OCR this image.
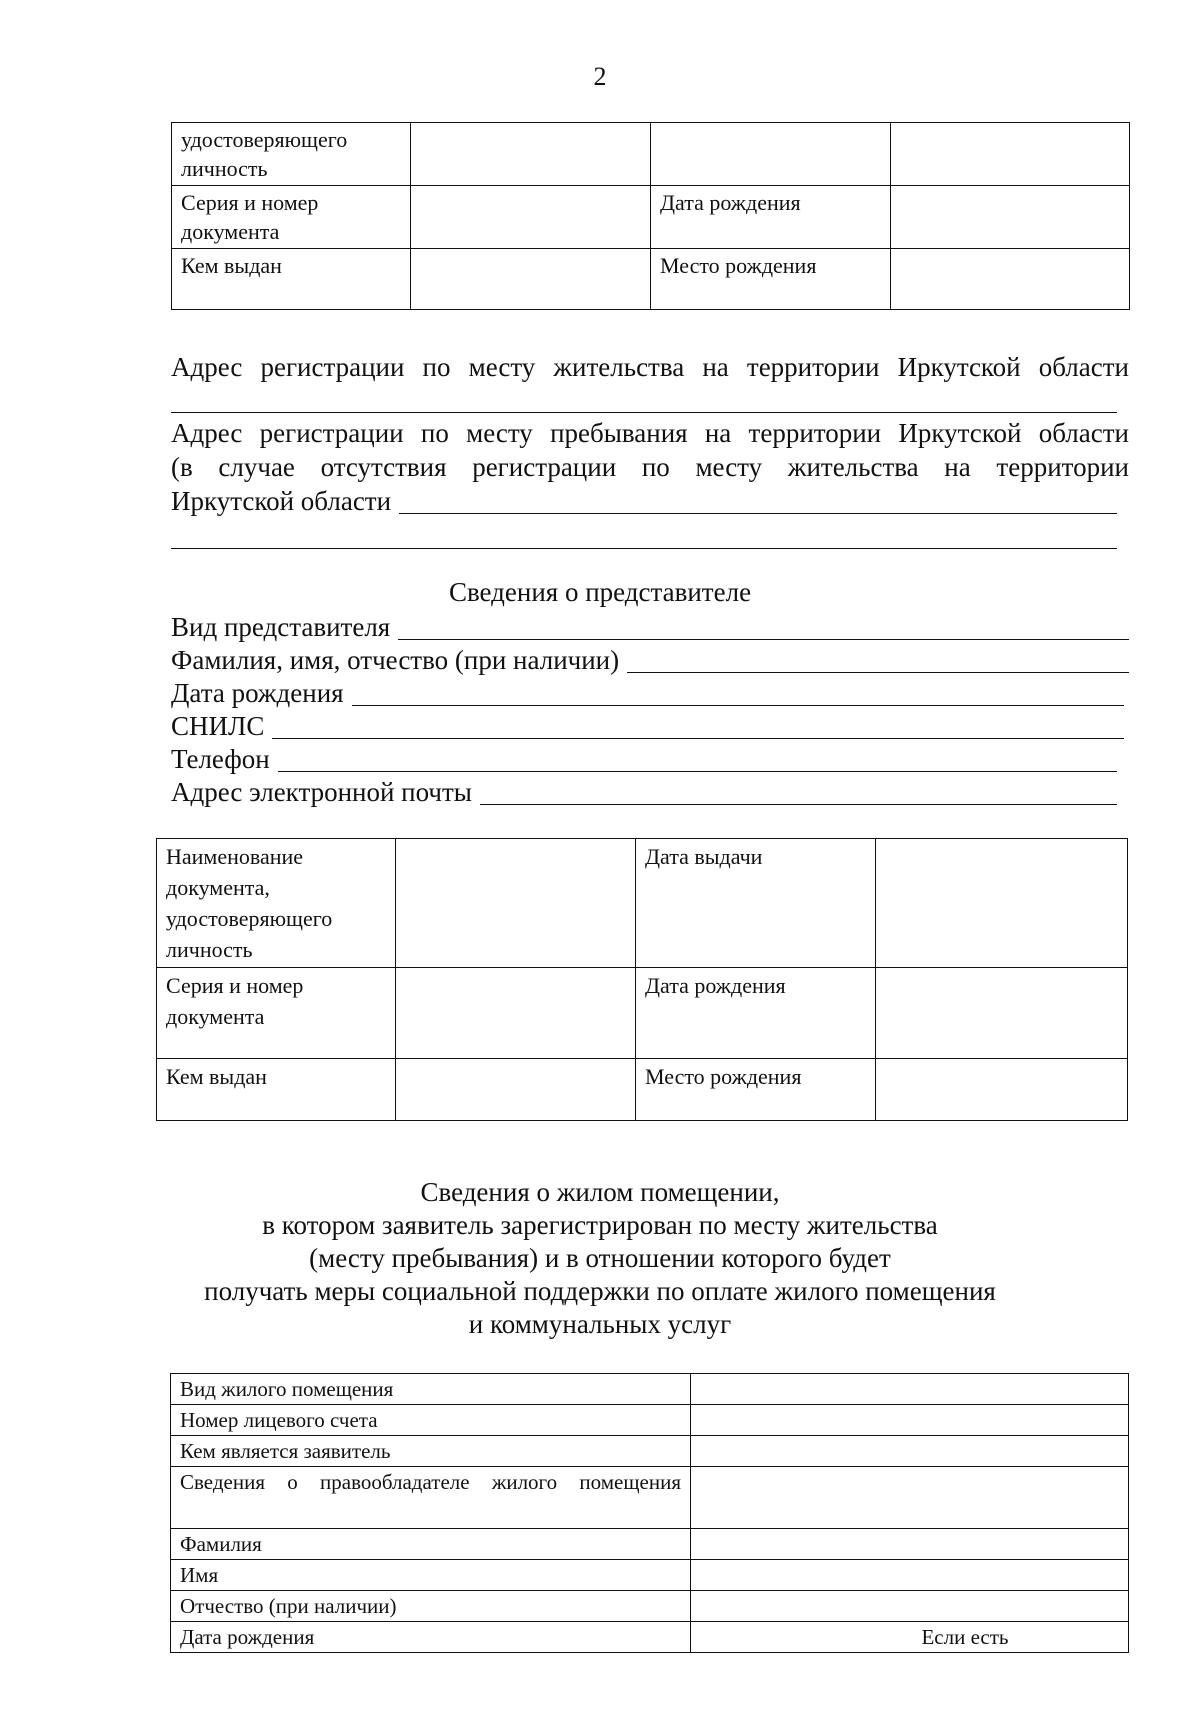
2
удостоверяющего личность			
Серия и номер документа		Дата рождения	
Кем выдан		Место рождения	
Адрес регистрации по месту жительства на территории Иркутской области
Адрес регистрации по месту пребывания на территории Иркутской области
(в случае отсутствия регистрации по месту жительства на территории
Иркутской области
Сведения о представителе
Вид представителя
Фамилия, имя, отчество (при наличии)
Дата рождения
СНИЛС
Телефон
Адрес электронной почты
Наименование документа, удостоверяющего личность		Дата выдачи	
Серия и номер документа		Дата рождения	
Кем выдан		Место рождения	
Сведения о жилом помещении,
в котором заявитель зарегистрирован по месту жительства
(месту пребывания) и в отношении которого будет
получать меры социальной поддержки по оплате жилого помещения
и коммунальных услуг
Вид жилого помещения	
Номер лицевого счета	
Кем является заявитель	
Сведения о правообладателе жилого помещения	
Фамилия	
Имя	
Отчество (при наличии)	
Дата рождения	Если есть
